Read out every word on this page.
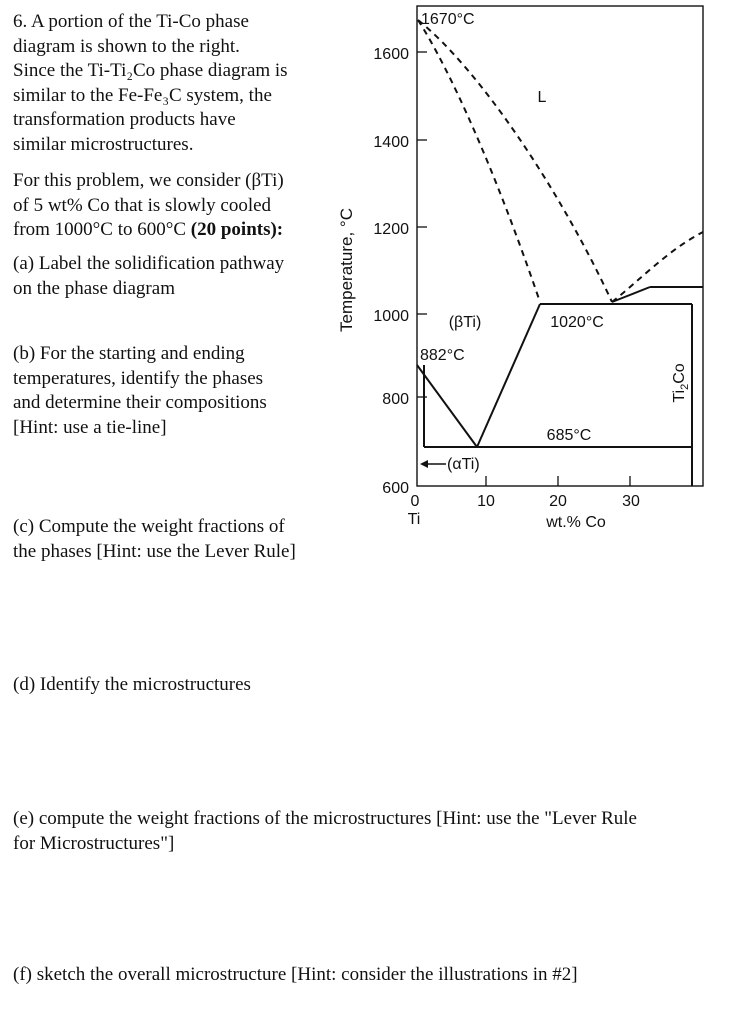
6. A portion of the Ti-Co phase
diagram is shown to the right.
Since the Ti-Ti₂Co phase diagram is
similar to the Fe-Fe₃C system, the
transformation products have
similar microstructures.

For this problem, we consider (βTi)
of 5 wt% Co that is slowly cooled
from 1000°C to 600°C (20 points):

(a) Label the solidification pathway
on the phase diagram

(b) For the starting and ending
temperatures, identify the phases
and determine their compositions
[Hint: use a tie-line]

(c) Compute the weight fractions of
the phases [Hint: use the Lever Rule]

(d) Identify the microstructures

(e) compute the weight fractions of the microstructures [Hint: use the "Lever Rule
for Microstructures"]

(f) sketch the overall microstructure [Hint: consider the illustrations in #2]

1600
1400
1200
1000
800
600
0	10	20	30
Ti	wt.% Co
Temperature, °C
1670°C
L
(βTi)	1020°C
882°C
685°C
(αTi)
$Ti_2Co$
